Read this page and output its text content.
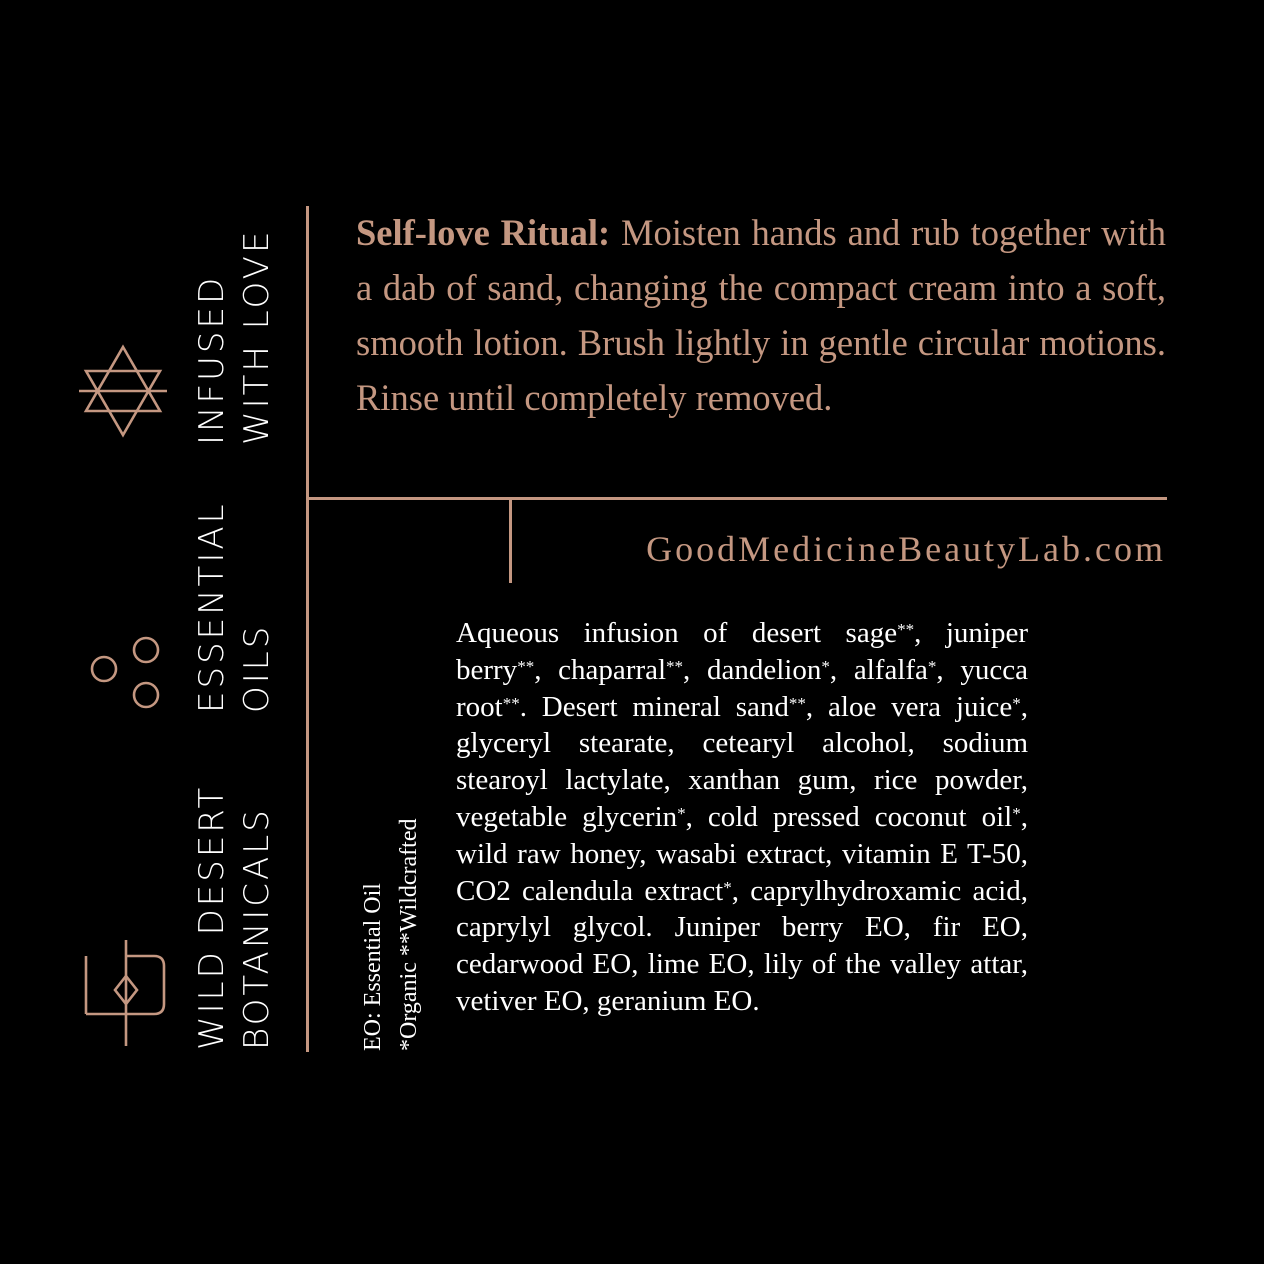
INFUSED WITH LOVE
ESSENTIAL OILS
WILD DESERT BOTANICALS
Self-love Ritual: Moisten hands and rub together with a dab of sand, changing the compact cream into a soft, smooth lotion. Brush lightly in gentle circular motions. Rinse until completely removed.
GoodMedicineBeautyLab.com
EO: Essential Oil *Organic **Wildcrafted
Aqueous infusion of desert sage**, juniper berry**, chaparral**, dandelion*, alfalfa*, yucca root**. Desert mineral sand**, aloe vera juice*, glyceryl stearate, cetearyl alcohol, sodium stearoyl lactylate, xanthan gum, rice powder, vegetable glycerin*, cold pressed coconut oil*, wild raw honey, wasabi extract, vitamin E T-50, CO2 calendula extract*, caprylhydroxamic acid, caprylyl glycol. Juniper berry EO, fir EO, cedarwood EO, lime EO, lily of the valley attar, vetiver EO, geranium EO.
